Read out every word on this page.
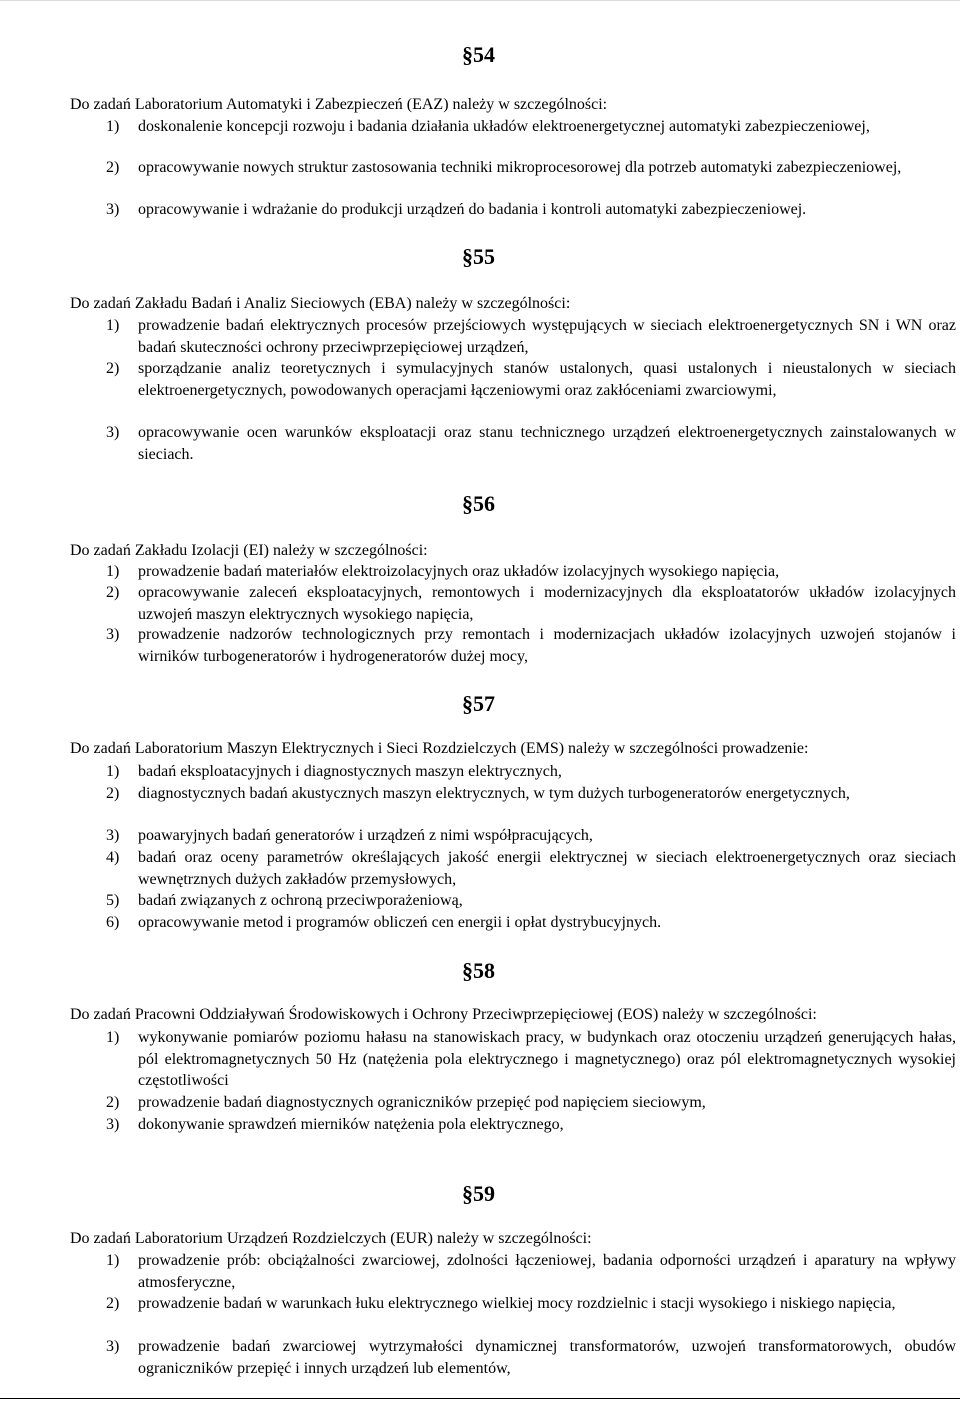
§54
Do zadań Laboratorium Automatyki i Zabezpieczeń (EAZ) należy w szczególności:
1)	doskonalenie koncepcji rozwoju i badania działania układów elektroenergetycznej automatyki zabezpieczeniowej,
2)	opracowywanie nowych struktur zastosowania techniki mikroprocesorowej dla potrzeb automatyki zabezpieczeniowej,
3)	opracowywanie i wdrażanie do produkcji urządzeń do badania i kontroli automatyki zabezpieczeniowej.
§55
Do zadań Zakładu Badań i Analiz Sieciowych (EBA) należy w szczególności:
1)	prowadzenie badań elektrycznych procesów przejściowych występujących w sieciach elektroenergetycznych SN i WN oraz badań skuteczności ochrony przeciwprzepięciowej urządzeń,
2)	sporządzanie analiz teoretycznych i symulacyjnych stanów ustalonych, quasi ustalonych i nieustalonych w sieciach elektroenergetycznych, powodowanych operacjami łączeniowymi oraz zakłóceniami zwarciowymi,
3)	opracowywanie ocen warunków eksploatacji oraz stanu technicznego urządzeń elektroenergetycznych zainstalowanych w sieciach.
§56
Do zadań Zakładu Izolacji (EI) należy w szczególności:
1)	prowadzenie badań materiałów elektroizolacyjnych oraz układów izolacyjnych wysokiego napięcia,
2)	opracowywanie zaleceń eksploatacyjnych, remontowych i modernizacyjnych dla eksploatatorów układów izolacyjnych uzwojeń maszyn elektrycznych wysokiego napięcia,
3)	prowadzenie nadzorów technologicznych przy remontach i modernizacjach układów izolacyjnych uzwojeń stojanów i wirników turbogeneratorów i hydrogeneratorów dużej mocy,
§57
Do zadań Laboratorium Maszyn Elektrycznych i Sieci Rozdzielczych (EMS) należy w szczególności prowadzenie:
1)	badań eksploatacyjnych i diagnostycznych maszyn elektrycznych,
2)	diagnostycznych badań akustycznych maszyn elektrycznych, w tym dużych turbogeneratorów energetycznych,
3)	poawaryjnych badań generatorów i urządzeń z nimi współpracujących,
4)	badań oraz oceny parametrów określających jakość energii elektrycznej w sieciach elektroenergetycznych oraz sieciach wewnętrznych dużych zakładów przemysłowych,
5)	badań związanych z ochroną przeciwporażeniową,
6)	opracowywanie metod i programów obliczeń cen energii i opłat dystrybucyjnych.
§58
Do zadań Pracowni Oddziaływań Środowiskowych i Ochrony Przeciwprzepięciowej (EOS) należy w szczególności:
1)	wykonywanie pomiarów poziomu hałasu na stanowiskach pracy, w budynkach oraz otoczeniu urządzeń generujących hałas, pól elektromagnetycznych 50 Hz (natężenia pola elektrycznego i magnetycznego) oraz pól elektromagnetycznych wysokiej częstotliwości
2)	prowadzenie badań diagnostycznych ograniczników przepięć pod napięciem sieciowym,
3)	dokonywanie sprawdzeń mierników natężenia pola elektrycznego,
§59
Do zadań Laboratorium Urządzeń Rozdzielczych (EUR) należy w szczególności:
1)	prowadzenie prób: obciążalności zwarciowej, zdolności łączeniowej, badania odporności urządzeń i aparatury na wpływy atmosferyczne,
2)	prowadzenie badań w warunkach łuku elektrycznego wielkiej mocy rozdzielnic i stacji wysokiego i niskiego napięcia,
3)	prowadzenie badań zwarciowej wytrzymałości dynamicznej transformatorów, uzwojeń transformatorowych, obudów ograniczników przepięć i innych urządzeń lub elementów,
